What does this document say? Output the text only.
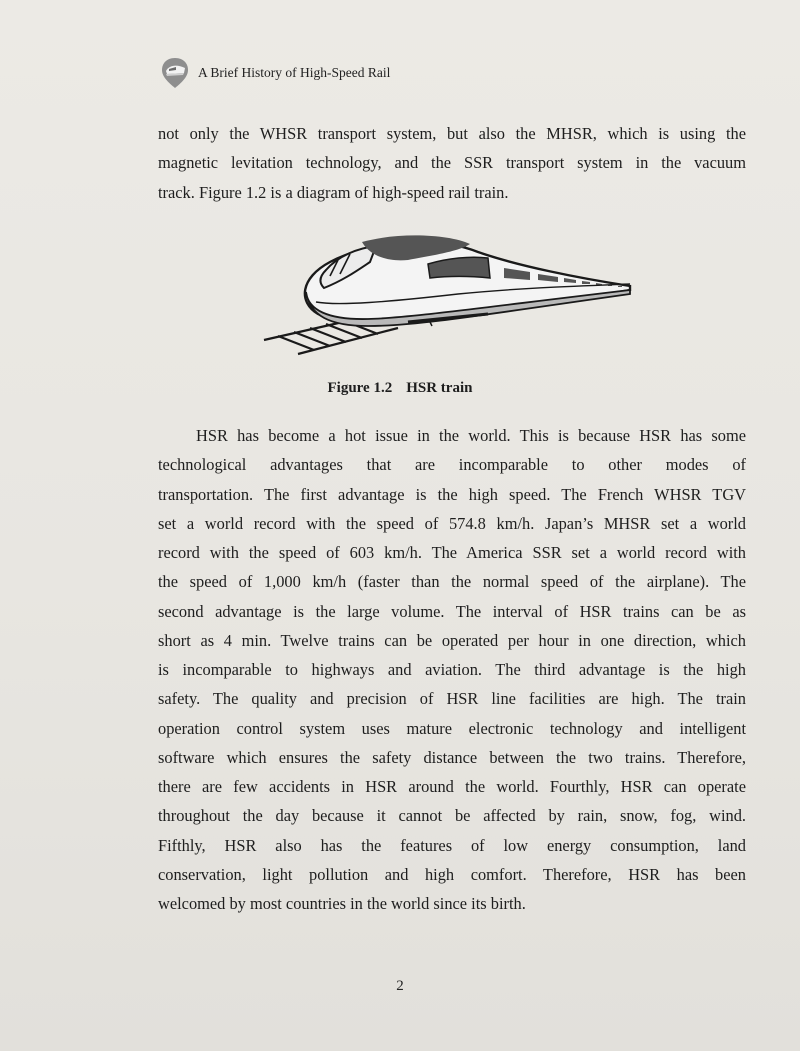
A Brief History of High-Speed Rail
not only the WHSR transport system, but also the MHSR, which is using the
magnetic levitation technology, and the SSR transport system in the vacuum
track. Figure 1.2 is a diagram of high-speed rail train.
Figure 1.2 HSR train
HSR has become a hot issue in the world. This is because HSR has some
technological advantages that are incomparable to other modes of
transportation. The first advantage is the high speed. The French WHSR TGV
set a world record with the speed of 574.8 km/h. Japan’s MHSR set a world
record with the speed of 603 km/h. The America SSR set a world record with
the speed of 1,000 km/h (faster than the normal speed of the airplane). The
second advantage is the large volume. The interval of HSR trains can be as
short as 4 min. Twelve trains can be operated per hour in one direction, which
is incomparable to highways and aviation. The third advantage is the high
safety. The quality and precision of HSR line facilities are high. The train
operation control system uses mature electronic technology and intelligent
software which ensures the safety distance between the two trains. Therefore,
there are few accidents in HSR around the world. Fourthly, HSR can operate
throughout the day because it cannot be affected by rain, snow, fog, wind.
Fifthly, HSR also has the features of low energy consumption, land
conservation, light pollution and high comfort. Therefore, HSR has been
welcomed by most countries in the world since its birth.
2
